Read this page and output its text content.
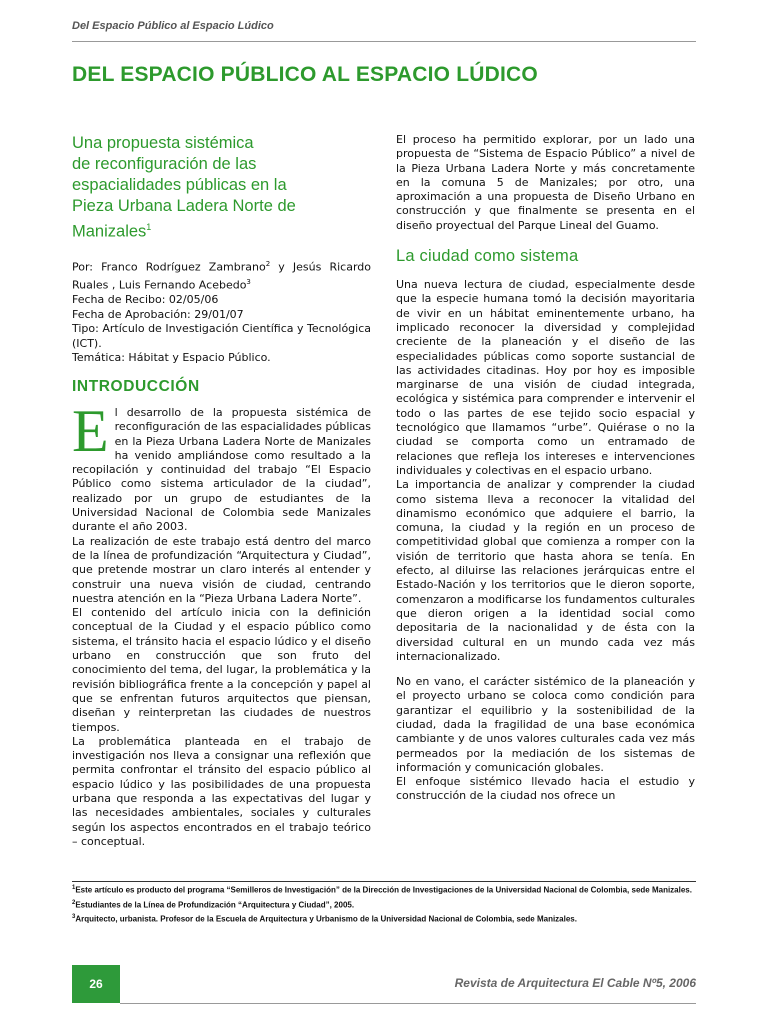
Del Espacio Público al Espacio Lúdico
DEL ESPACIO PÚBLICO AL ESPACIO LÚDICO
Una propuesta sistémica
de reconfiguración de las
espacialidades públicas en la
Pieza Urbana Ladera Norte de
Manizales$^1$

Por: Franco Rodríguez Zambrano$^2$ y Jesús Ricardo Ruales , Luis Fernando Acebedo$^3$

Fecha de Recibo: 02/05/06

Fecha de Aprobación: 29/01/07

Tipo: Artículo de Investigación Científica y Tecnológica (ICT).

Temática: Hábitat y Espacio Público.

INTRODUCCIÓN

El desarrollo de la propuesta sistémica de reconfiguración de las espacialidades públicas en la Pieza Urbana Ladera Norte de Manizales ha venido ampliándose como resultado a la recopilación y continuidad del trabajo “El Espacio Público como sistema articulador de la ciudad”, realizado por un grupo de estudiantes de la Universidad Nacional de Colombia sede Manizales durante el año 2003.

La realización de este trabajo está dentro del marco de la línea de profundización “Arquitectura y Ciudad”, que pretende mostrar un claro interés al entender y construir una nueva visión de ciudad, centrando nuestra atención en la “Pieza Urbana Ladera Norte”.

El contenido del artículo inicia con la definición conceptual de la Ciudad y el espacio público como sistema, el tránsito hacia el espacio lúdico y el diseño urbano en construcción que son fruto del conocimiento del tema, del lugar, la problemática y la revisión bibliográfica frente a la concepción y papel al que se enfrentan futuros arquitectos que piensan, diseñan y reinterpretan las ciudades de nuestros tiempos.

La problemática planteada en el trabajo de investigación nos lleva a consignar una reflexión que permita confrontar el tránsito del espacio público al espacio lúdico y las posibilidades de una propuesta urbana que responda a las expectativas del lugar y las necesidades ambientales, sociales y culturales según los aspectos encontrados en el trabajo teórico – conceptual.

El proceso ha permitido explorar, por un lado una propuesta de “Sistema de Espacio Público” a nivel de la Pieza Urbana Ladera Norte y más concretamente en la comuna 5 de Manizales; por otro, una aproximación a una propuesta de Diseño Urbano en construcción y que finalmente se presenta en el diseño proyectual del Parque Lineal del Guamo.

La ciudad como sistema

Una nueva lectura de ciudad, especialmente desde que la especie humana tomó la decisión mayoritaria de vivir en un hábitat eminentemente urbano, ha implicado reconocer la diversidad y complejidad creciente de la planeación y el diseño de las especialidades públicas como soporte sustancial de las actividades citadinas. Hoy por hoy es imposible marginarse de una visión de ciudad integrada, ecológica y sistémica para comprender e intervenir el todo o las partes de ese tejido socio espacial y tecnológico que llamamos “urbe”. Quiérase o no la ciudad se comporta como un entramado de relaciones que refleja los intereses e intervenciones individuales y colectivas en el espacio urbano.

La importancia de analizar y comprender la ciudad como sistema lleva a reconocer la vitalidad del dinamismo económico que adquiere el barrio, la comuna, la ciudad y la región en un proceso de competitividad global que comienza a romper con la visión de territorio que hasta ahora se tenía. En efecto, al diluirse las relaciones jerárquicas entre el Estado-Nación y los territorios que le dieron soporte, comenzaron a modificarse los fundamentos culturales que dieron origen a la identidad social como depositaria de la nacionalidad y de ésta con la diversidad cultural en un mundo cada vez más internacionalizado.

No en vano, el carácter sistémico de la planeación y el proyecto urbano se coloca como condición para garantizar el equilibrio y la sostenibilidad de la ciudad, dada la fragilidad de una base económica cambiante y de unos valores culturales cada vez más permeados por la mediación de los sistemas de información y comunicación globales.

El enfoque sistémico llevado hacia el estudio y construcción de la ciudad nos ofrece un

$^1$Este artículo es producto del programa “Semilleros de Investigación” de la Dirección de Investigaciones de la Universidad Nacional de Colombia, sede Manizales.

$^2$Estudiantes de la Línea de Profundización “Arquitectura y Ciudad”, 2005.

$^3$Arquitecto, urbanista. Profesor de la Escuela de Arquitectura y Urbanismo de la Universidad Nacional de Colombia, sede Manizales.

26	Revista de Arquitectura El Cable Nº5, 2006
